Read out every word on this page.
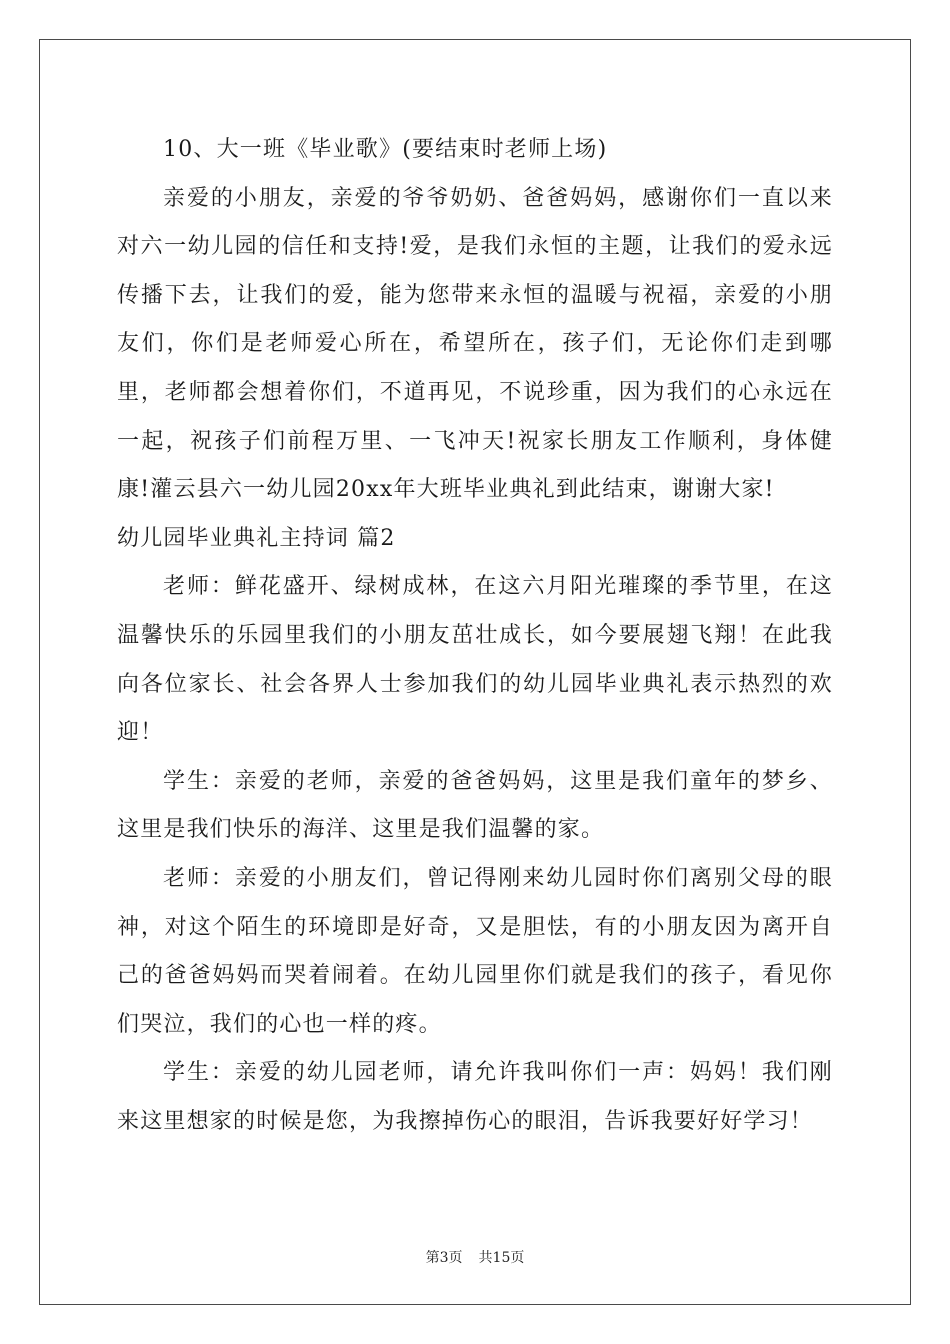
10、大一班《毕业歌》(要结束时老师上场)

亲爱的小朋友，亲爱的爷爷奶奶、爸爸妈妈，感谢你们一直以来对六一幼儿园的信任和支持!爱，是我们永恒的主题，让我们的爱永远传播下去，让我们的爱，能为您带来永恒的温暖与祝福，亲爱的小朋友们，你们是老师爱心所在，希望所在，孩子们，无论你们走到哪里，老师都会想着你们，不道再见，不说珍重，因为我们的心永远在一起，祝孩子们前程万里、一飞冲天!祝家长朋友工作顺利，身体健康!灌云县六一幼儿园20xx年大班毕业典礼到此结束，谢谢大家!

幼儿园毕业典礼主持词 篇2

老师：鲜花盛开、绿树成林，在这六月阳光璀璨的季节里，在这温馨快乐的乐园里我们的小朋友茁壮成长，如今要展翅飞翔！在此我向各位家长、社会各界人士参加我们的幼儿园毕业典礼表示热烈的欢迎！

学生：亲爱的老师，亲爱的爸爸妈妈，这里是我们童年的梦乡、这里是我们快乐的海洋、这里是我们温馨的家。

老师：亲爱的小朋友们，曾记得刚来幼儿园时你们离别父母的眼神，对这个陌生的环境即是好奇，又是胆怯，有的小朋友因为离开自己的爸爸妈妈而哭着闹着。在幼儿园里你们就是我们的孩子，看见你们哭泣，我们的心也一样的疼。

学生：亲爱的幼儿园老师，请允许我叫你们一声：妈妈！我们刚来这里想家的时候是您，为我擦掉伤心的眼泪，告诉我要好好学习！

第3页 共15页
